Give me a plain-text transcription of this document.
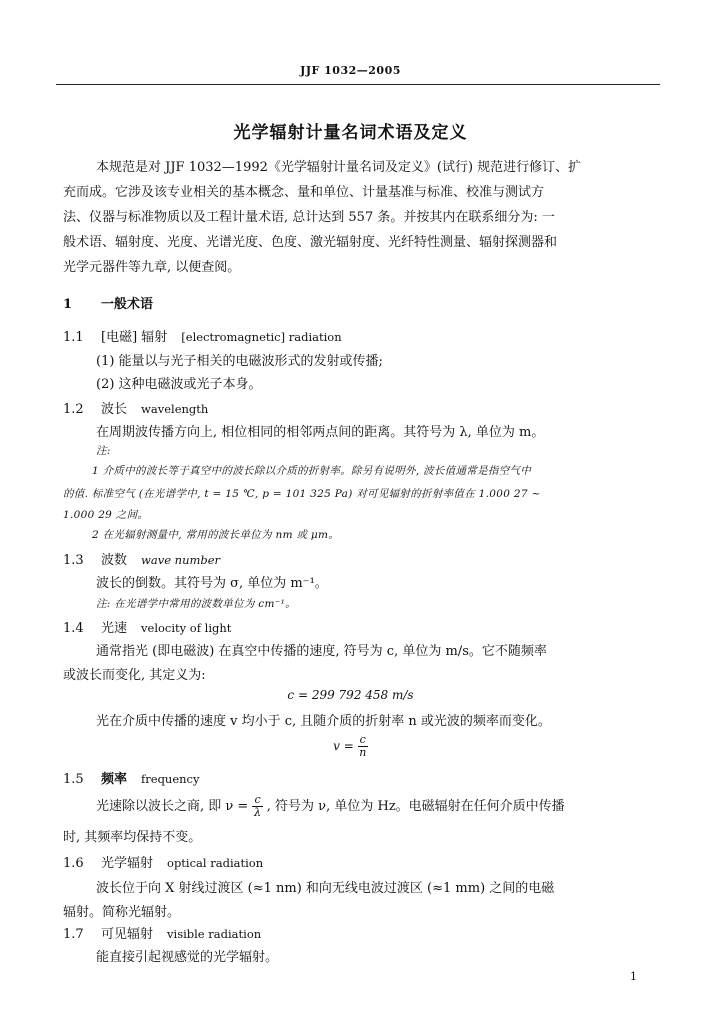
JJF 1032—2005
光学辐射计量名词术语及定义
本规范是对 JJF 1032—1992《光学辐射计量名词及定义》(试行) 规范进行修订、扩
充而成。它涉及该专业相关的基本概念、量和单位、计量基准与标准、校准与测试方
法、仪器与标准物质以及工程计量术语, 总计达到 557 条。并按其内在联系细分为: 一
般术语、辐射度、光度、光谱光度、色度、激光辐射度、光纤特性测量、辐射探测器和
光学元器件等九章, 以便查阅。
1 一般术语
1.1 [电磁] 辐射 [electromagnetic] radiation
(1) 能量以与光子相关的电磁波形式的发射或传播;
(2) 这种电磁波或光子本身。
1.2 波长 wavelength
在周期波传播方向上, 相位相同的相邻两点间的距离。其符号为 λ, 单位为 m。
注:
1 介质中的波长等于真空中的波长除以介质的折射率。除另有说明外, 波长值通常是指空气中
的值. 标准空气 (在光谱学中, t = 15 ℃, p = 101 325 Pa) 对可见辐射的折射率值在 1.000 27 ~
1.000 29 之间。
2 在光辐射测量中, 常用的波长单位为 nm 或 μm。
1.3 波数 wave number
波长的倒数。其符号为 σ, 单位为 m⁻¹。
注: 在光谱学中常用的波数单位为 cm⁻¹。
1.4 光速 velocity of light
通常指光 (即电磁波) 在真空中传播的速度, 符号为 c, 单位为 m/s。它不随频率
或波长而变化, 其定义为:
c = 299 792 458 m/s
光在介质中传播的速度 v 均小于 c, 且随介质的折射率 n 或光波的频率而变化。
$v = \frac{c}{n}$
1.5 频率 frequency
光速除以波长之商, 即 $\nu = \frac{c}{\lambda}$ , 符号为 ν, 单位为 Hz。电磁辐射在任何介质中传播
时, 其频率均保持不变。
1.6 光学辐射 optical radiation
波长位于向 X 射线过渡区 (≈1 nm) 和向无线电波过渡区 (≈1 mm) 之间的电磁
辐射。简称光辐射。
1.7 可见辐射 visible radiation
能直接引起视感觉的光学辐射。
1
